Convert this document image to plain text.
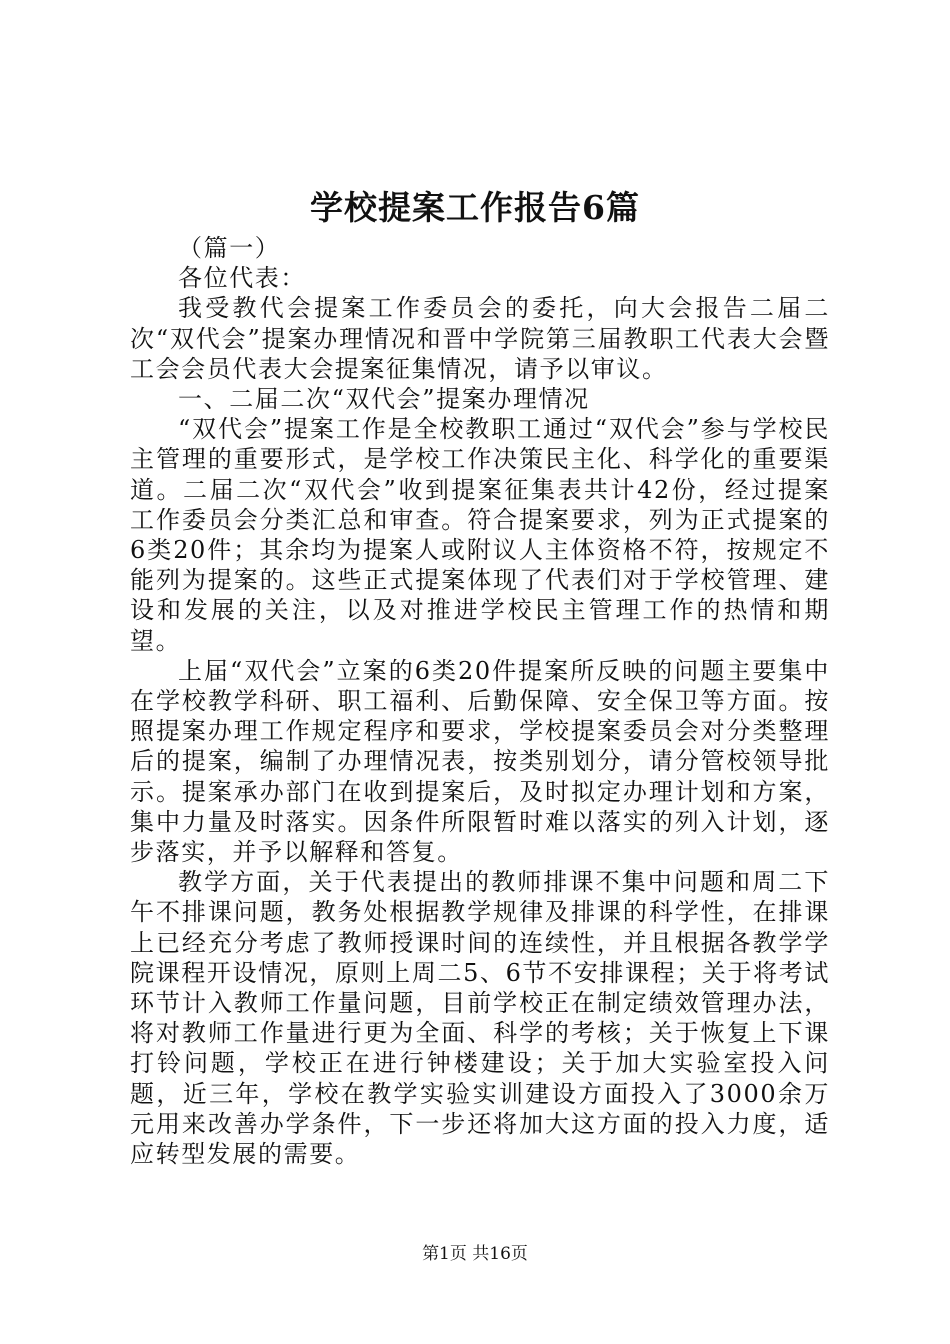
学校提案工作报告6篇

（篇一）

各位代表：

我受教代会提案工作委员会的委托，向大会报告二届二次“双代会”提案办理情况和晋中学院第三届教职工代表大会暨工会会员代表大会提案征集情况，请予以审议。

一、二届二次“双代会”提案办理情况

“双代会”提案工作是全校教职工通过“双代会”参与学校民主管理的重要形式，是学校工作决策民主化、科学化的重要渠道。二届二次“双代会”收到提案征集表共计42份，经过提案工作委员会分类汇总和审查。符合提案要求，列为正式提案的6类20件；其余均为提案人或附议人主体资格不符，按规定不能列为提案的。这些正式提案体现了代表们对于学校管理、建设和发展的关注，以及对推进学校民主管理工作的热情和期望。

上届“双代会”立案的6类20件提案所反映的问题主要集中在学校教学科研、职工福利、后勤保障、安全保卫等方面。按照提案办理工作规定程序和要求，学校提案委员会对分类整理后的提案，编制了办理情况表，按类别划分，请分管校领导批示。提案承办部门在收到提案后，及时拟定办理计划和方案，集中力量及时落实。因条件所限暂时难以落实的列入计划，逐步落实，并予以解释和答复。

教学方面，关于代表提出的教师排课不集中问题和周二下午不排课问题，教务处根据教学规律及排课的科学性，在排课上已经充分考虑了教师授课时间的连续性，并且根据各教学学院课程开设情况，原则上周二5、6节不安排课程；关于将考试环节计入教师工作量问题，目前学校正在制定绩效管理办法，将对教师工作量进行更为全面、科学的考核；关于恢复上下课打铃问题，学校正在进行钟楼建设；关于加大实验室投入问题，近三年，学校在教学实验实训建设方面投入了3000余万元用来改善办学条件，下一步还将加大这方面的投入力度，适应转型发展的需要。

第1页 共16页
